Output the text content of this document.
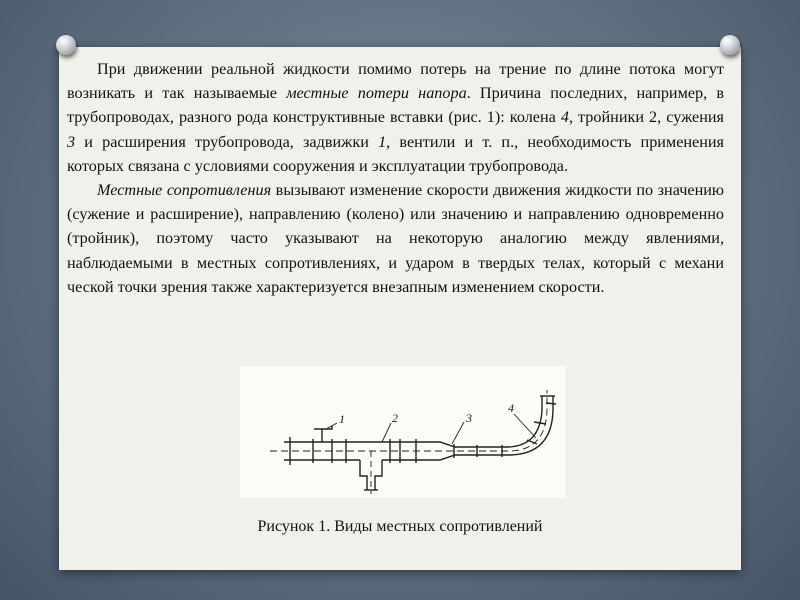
При движении реальной жидкости помимо потерь на трение по длине потока могут возникать и так называемые местные потери напора. Причина последних, например, в трубопроводах, разного рода конструктивные вставки (рис. 1): колена 4, тройники 2, сужения 3 и расширения трубопровода, задвижки 1, вентили и т. п., необходимость применения которых связана с условиями сооружения и эксплуатации трубопровода.

Местные сопротивления вызывают изменение скорости движения жидкости по значению (сужение и расширение), направлению (колено) или значению и направлению одновременно (тройник), поэтому часто указывают на некоторую аналогию между явлениями, наблюдаемыми в местных сопротивлениях, и ударом в твердых телах, который с механи ческой точки зрения также характеризуется внезапным изменением скорости.

1	2	3
4
Рисунок 1. Виды местных сопротивлений
